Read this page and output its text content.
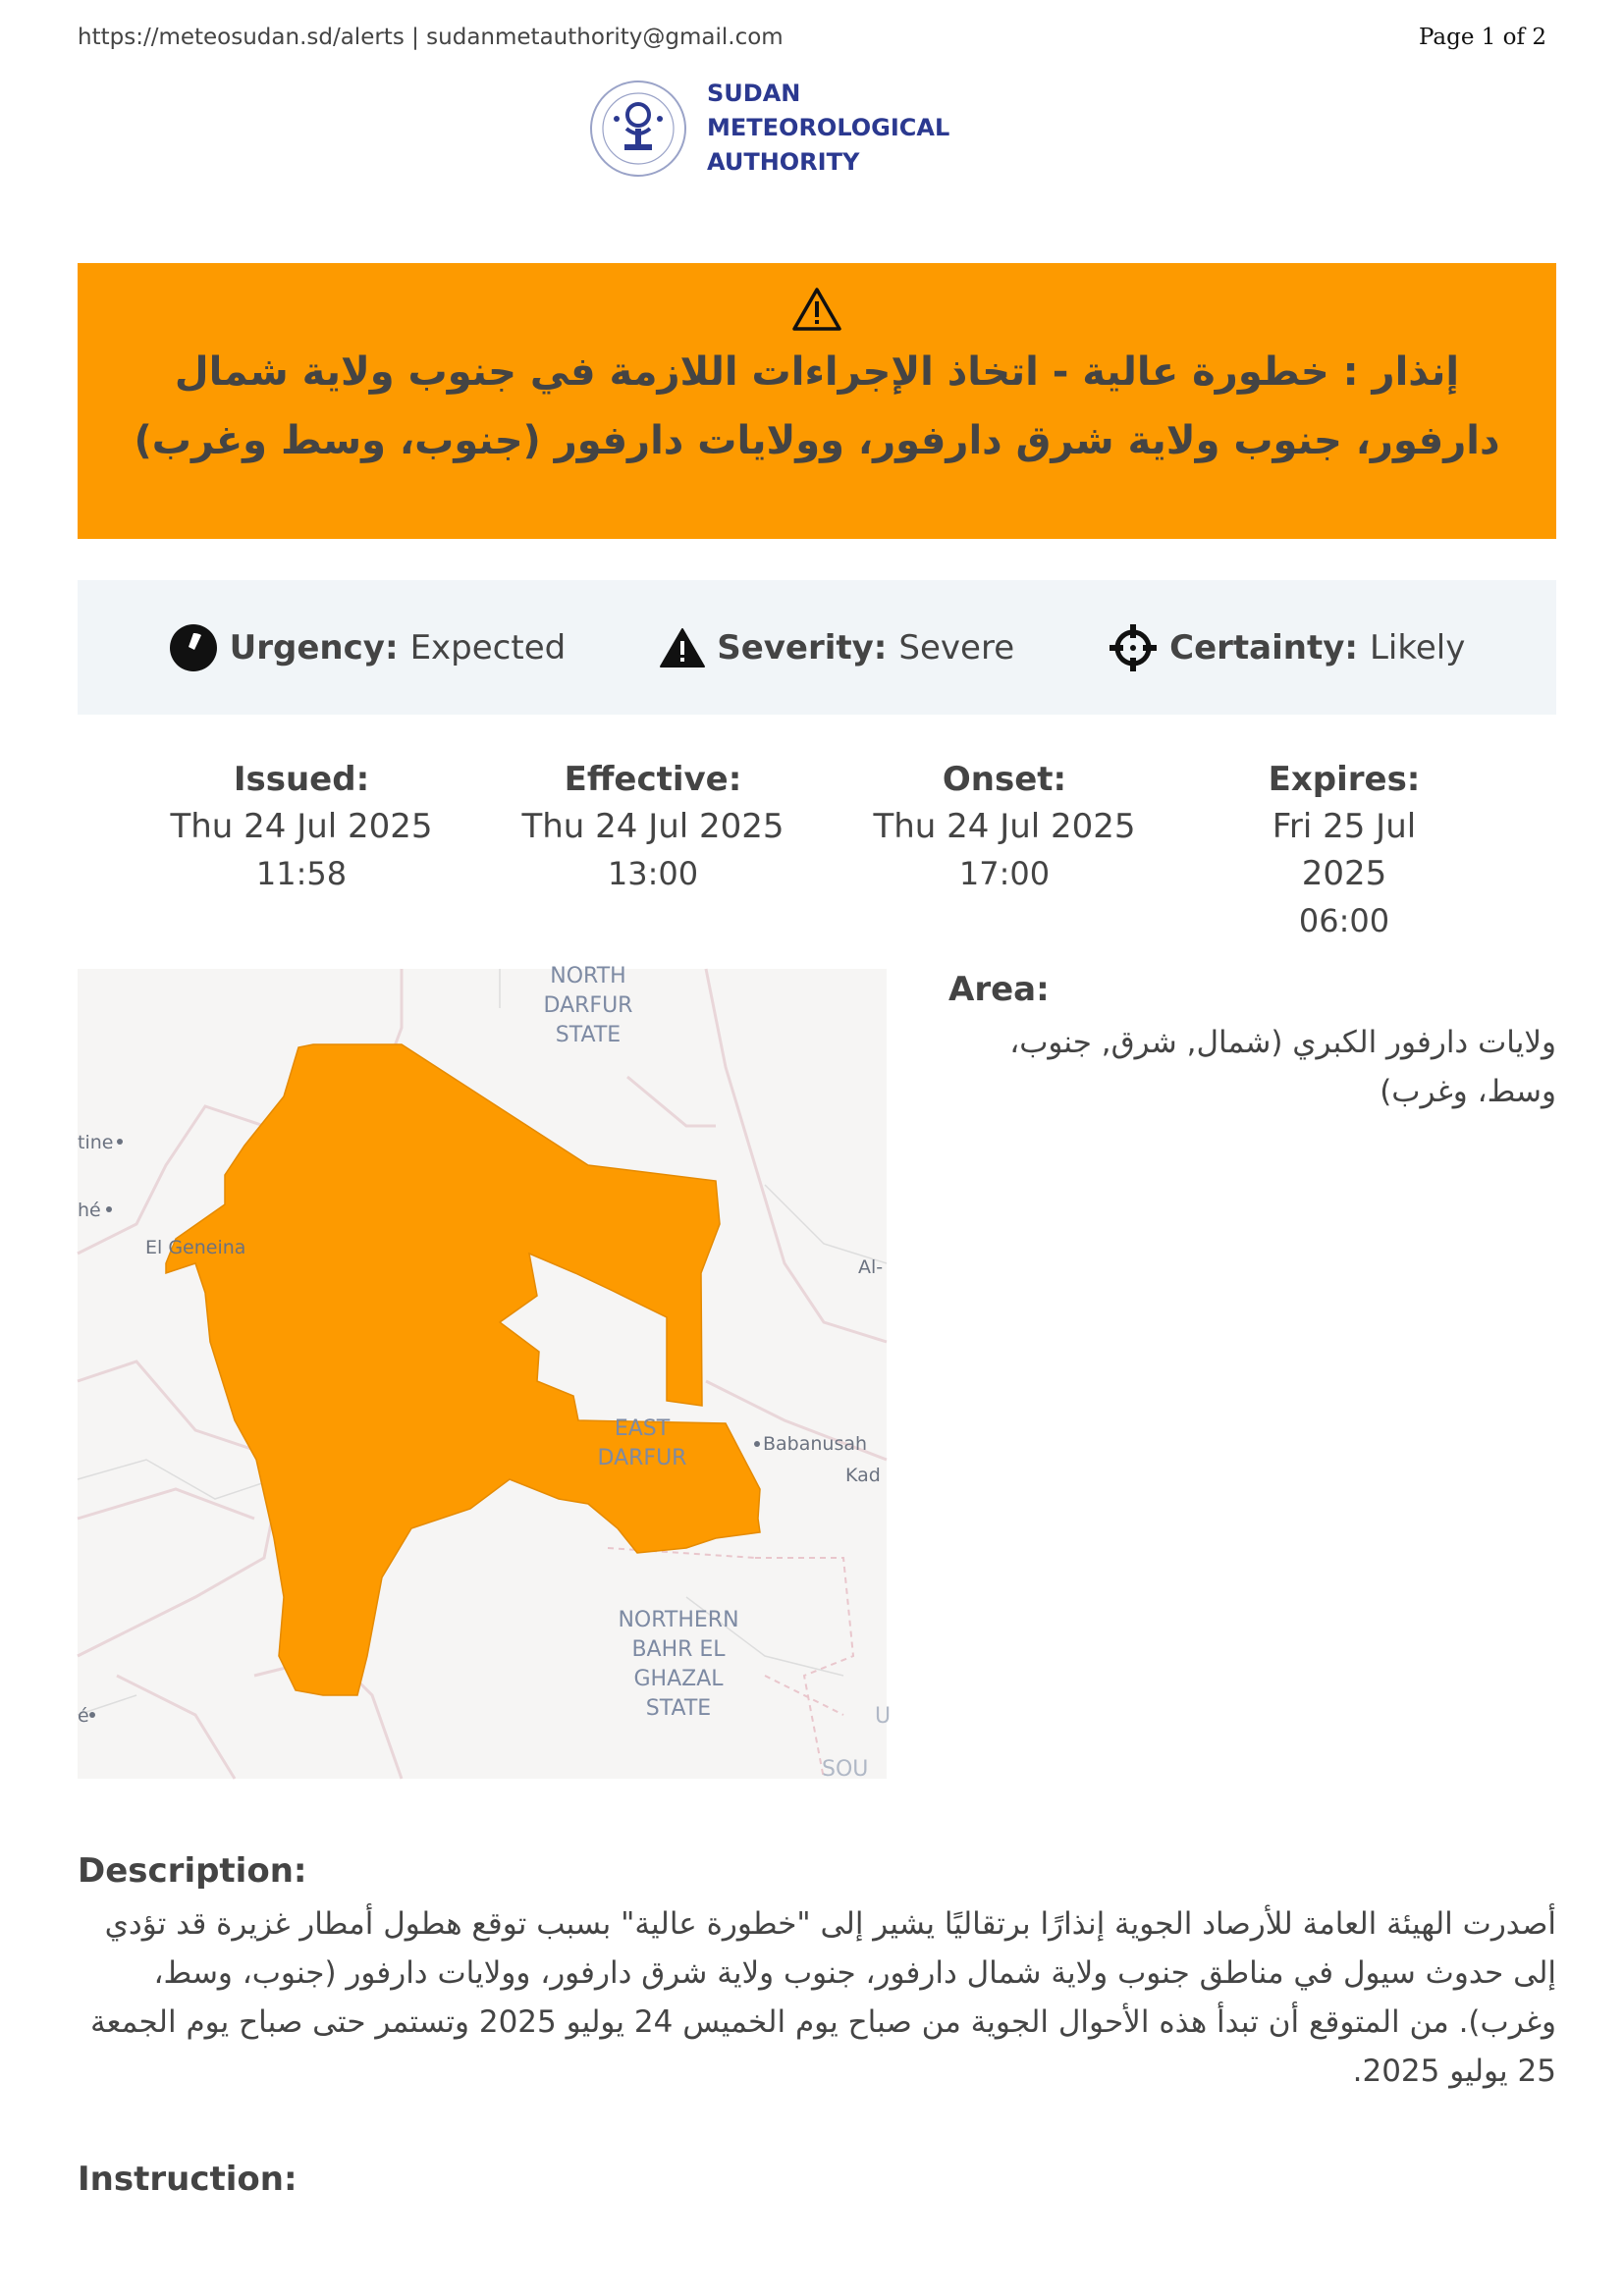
https://meteosudan.sd/alerts | sudanmetauthority@gmail.com	Page 1 of 2
SUDAN
METEOROLOGICAL
AUTHORITY
إنذار : خطورة عالية - اتخاذ الإجراءات اللازمة في جنوب ولاية شمال دارفور، جنوب ولاية شرق دارفور، وولايات دارفور (جنوب، وسط وغرب)
Urgency: Expected	Severity: Severe	Certainty: Likely
Issued:
Thu 24 Jul 2025
11:58
Effective:
Thu 24 Jul 2025
13:00
Onset:
Thu 24 Jul 2025
17:00
Expires:
Fri 25 Jul 2025
06:00
NORTH
DARFUR
STATE
EAST
DARFUR
NORTHERN
BAHR EL
GHAZAL
STATE
Babanusah
Kad
Al-
El Geneina
tine
hé
é
SOU
U
Area:
ولايات دارفور الكبري (شمال, شرق, جنوب، وسط، وغرب)
Description:
أصدرت الهيئة العامة للأرصاد الجوية إنذارًا برتقاليًا يشير إلى "خطورة عالية" بسبب توقع هطول أمطار غزيرة قد تؤدي إلى حدوث سيول في مناطق جنوب ولاية شمال دارفور، جنوب ولاية شرق دارفور، وولايات دارفور (جنوب، وسط، وغرب). من المتوقع أن تبدأ هذه الأحوال الجوية من صباح يوم الخميس 24 يوليو 2025 وتستمر حتى صباح يوم الجمعة 25 يوليو 2025.
Instruction:
